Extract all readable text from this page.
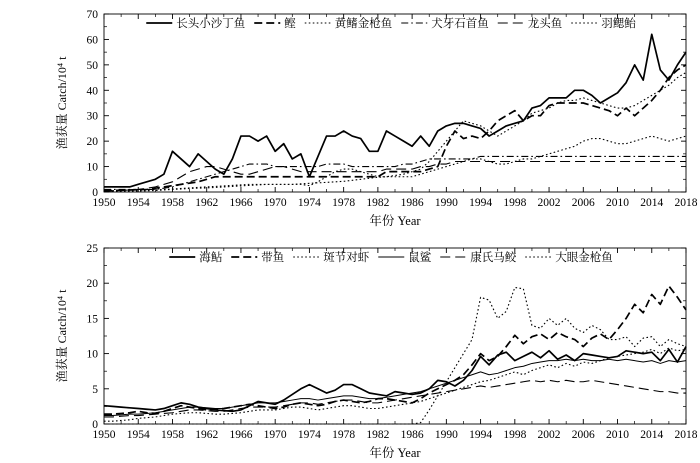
0
10
20
30
40
50
60
70
1950 1954 1958 1962 1966 1970 1974 1978 1982 1986 1990 1994 1998 2002 2006 2010 2014 2018
年份 Year
渔获量 Catch/10⁴ t
长头小沙丁鱼	鲣	黄鳍金枪鱼	犬牙石首鱼	龙头鱼	羽鳃鲐
0
5
10
15
20
25
1950 1954 1958 1962 1966 1970 1974 1978 1982 1986 1990 1994 1998 2002 2006 2010 2014 2018
年份 Year
渔获量 Catch/10⁴ t
海鲇	带鱼	斑节对虾	鼠鲨	康氏马鲛	大眼金枪鱼
